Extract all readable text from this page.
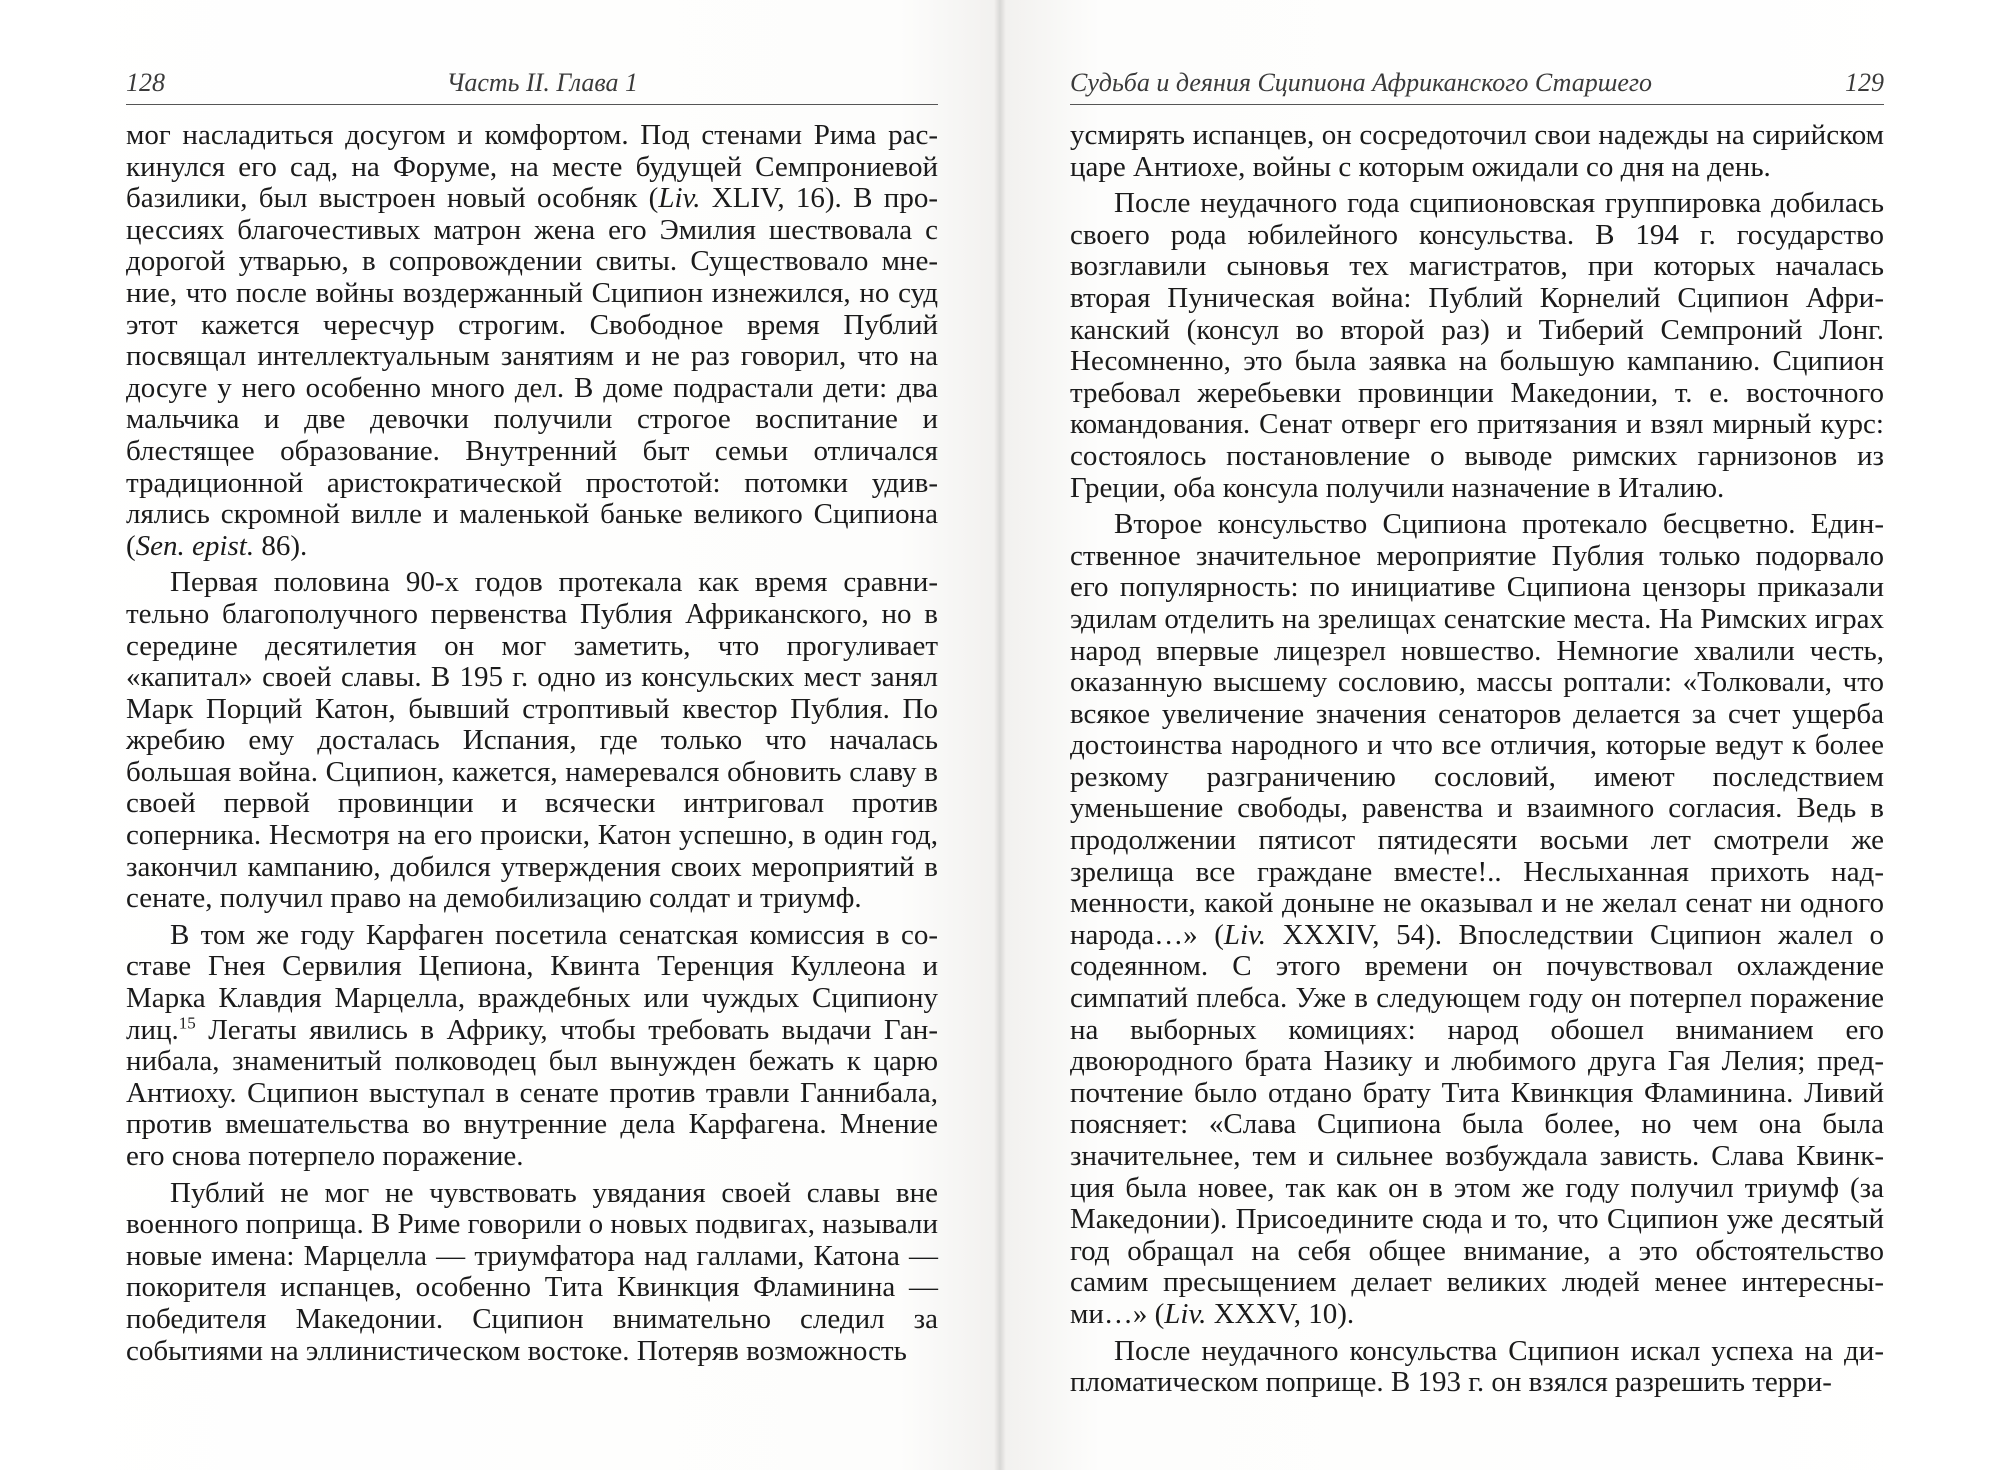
128	Часть II. Глава 1

мог насладиться досугом и комфортом. Под стенами Рима раскинулся его сад, на Форуме, на месте будущей Семпрониевой базилики, был выстроен новый особняк (Liv. XLIV, 16). В процессиях благочестивых матрон жена его Эмилия шествовала с дорогой утварью, в сопровождении свиты. Существовало мнение, что после войны воздержанный Сципион изнежился, но суд этот кажется чересчур строгим. Свободное время Публий посвящал интеллектуальным занятиям и не раз говорил, что на досуге у него особенно много дел. В доме подрастали дети: два мальчика и две девочки получили строгое воспитание и блестящее образование. Внутренний быт семьи отличался традиционной аристократической простотой: потомки удивлялись скромной вилле и маленькой баньке великого Сципиона (Sen. epist. 86).

Первая половина 90-х годов протекала как время сравнительно благополучного первенства Публия Африканского, но в середине десятилетия он мог заметить, что прогуливает «капитал» своей славы. В 195 г. одно из консульских мест занял Марк Порций Катон, бывший строптивый квестор Публия. По жребию ему досталась Испания, где только что началась большая война. Сципион, кажется, намеревался обновить славу в своей первой провинции и всячески интриговал против соперника. Несмотря на его происки, Катон успешно, в один год, закончил кампанию, добился утверждения своих мероприятий в сенате, получил право на демобилизацию солдат и триумф.

В том же году Карфаген посетила сенатская комиссия в составе Гнея Сервилия Цепиона, Квинта Теренция Куллеона и Марка Клавдия Марцелла, враждебных или чуждых Сципиону лиц.$^{15}$ Легаты явились в Африку, чтобы требовать выдачи Ганнибала, знаменитый полководец был вынужден бежать к царю Антиоху. Сципион выступал в сенате против травли Ганнибала, против вмешательства во внутренние дела Карфагена. Мнение его снова потерпело поражение.

Публий не мог не чувствовать увядания своей славы вне военного поприща. В Риме говорили о новых подвигах, называли новые имена: Марцелла — триумфатора над галлами, Катона — покорителя испанцев, особенно Тита Квинкция Фламинина — победителя Македонии. Сципион внимательно следил за событиями на эллинистическом востоке. Потеряв возможность

Судьба и деяния Сципиона Африканского Старшего	129

усмирять испанцев, он сосредоточил свои надежды на сирийском царе Антиохе, войны с которым ожидали со дня на день.

После неудачного года сципионовская группировка добилась своего рода юбилейного консульства. В 194 г. государство возглавили сыновья тех магистратов, при которых началась вторая Пуническая война: Публий Корнелий Сципион Африканский (консул во второй раз) и Тиберий Семпроний Лонг. Несомненно, это была заявка на большую кампанию. Сципион требовал жеребьевки провинции Македонии, т. е. восточного командования. Сенат отверг его притязания и взял мирный курс: состоялось постановление о выводе римских гарнизонов из Греции, оба консула получили назначение в Италию.

Второе консульство Сципиона протекало бесцветно. Единственное значительное мероприятие Публия только подорвало его популярность: по инициативе Сципиона цензоры приказали эдилам отделить на зрелищах сенатские места. На Римских играх народ впервые лицезрел новшество. Немногие хвалили честь, оказанную высшему сословию, массы роптали: «Толковали, что всякое увеличение значения сенаторов делается за счет ущерба достоинства народного и что все отличия, которые ведут к более резкому разграничению сословий, имеют последствием уменьшение свободы, равенства и взаимного согласия. Ведь в продолжении пятисот пятидесяти восьми лет смотрели же зрелища все граждане вместе!.. Неслыханная прихоть надменности, какой доныне не оказывал и не желал сенат ни одного народа…» (Liv. XXXIV, 54). Впоследствии Сципион жалел о содеянном. С этого времени он почувствовал охлаждение симпатий плебса. Уже в следующем году он потерпел поражение на выборных комициях: народ обошел вниманием его двоюродного брата Назику и любимого друга Гая Лелия; предпочтение было отдано брату Тита Квинкция Фламинина. Ливий поясняет: «Слава Сципиона была более, но чем она была значительнее, тем и сильнее возбуждала зависть. Слава Квинкция была новее, так как он в этом же году получил триумф (за Македонии). Присоедините сюда и то, что Сципион уже десятый год обращал на себя общее внимание, а это обстоятельство самим пресыщением делает великих людей менее интересными…» (Liv. XXXV, 10).

После неудачного консульства Сципион искал успеха на дипломатическом поприще. В 193 г. он взялся разрешить терри-
